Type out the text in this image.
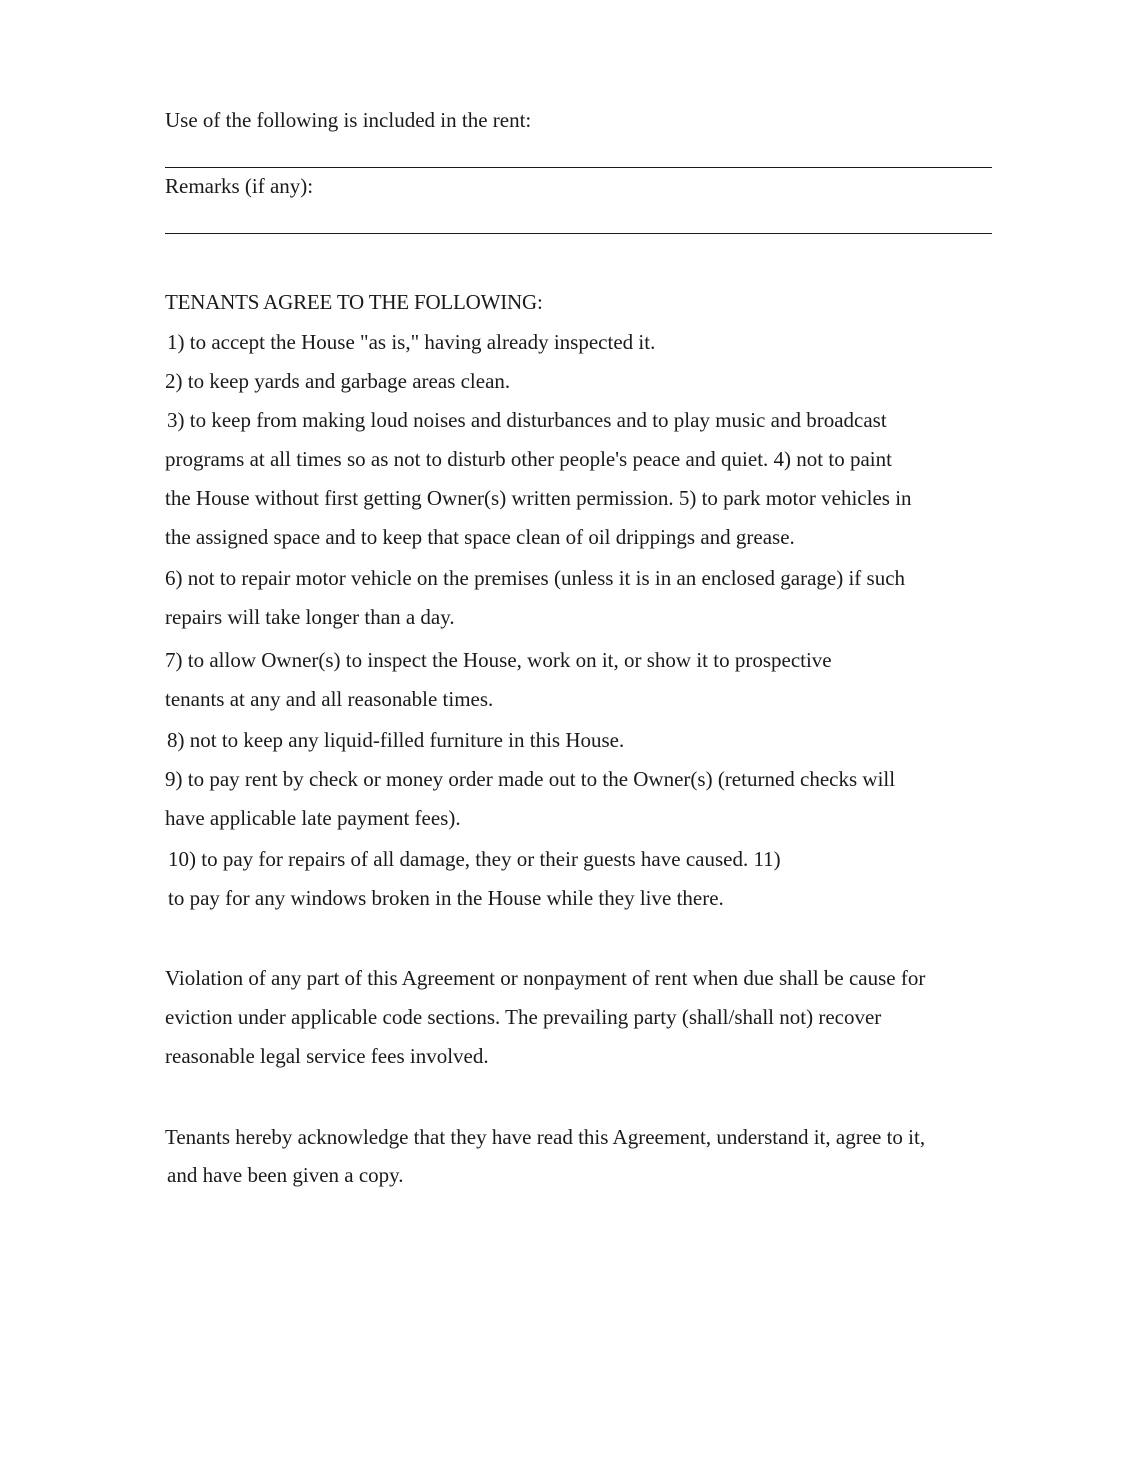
Use of the following is included in the rent:

Remarks (if any):

TENANTS AGREE TO THE FOLLOWING:

1) to accept the House "as is," having already inspected it.

2) to keep yards and garbage areas clean.

3) to keep from making loud noises and disturbances and to play music and broadcast

programs at all times so as not to disturb other people's peace and quiet. 4) not to paint

the House without first getting Owner(s) written permission. 5) to park motor vehicles in

the assigned space and to keep that space clean of oil drippings and grease.

6) not to repair motor vehicle on the premises (unless it is in an enclosed garage) if such

repairs will take longer than a day.

7) to allow Owner(s) to inspect the House, work on it, or show it to prospective

tenants at any and all reasonable times.

8) not to keep any liquid-filled furniture in this House.

9) to pay rent by check or money order made out to the Owner(s) (returned checks will

have applicable late payment fees).

10) to pay for repairs of all damage, they or their guests have caused. 11)

to pay for any windows broken in the House while they live there.

Violation of any part of this Agreement or nonpayment of rent when due shall be cause for

eviction under applicable code sections. The prevailing party (shall/shall not) recover

reasonable legal service fees involved.

Tenants hereby acknowledge that they have read this Agreement, understand it, agree to it,

and have been given a copy.
